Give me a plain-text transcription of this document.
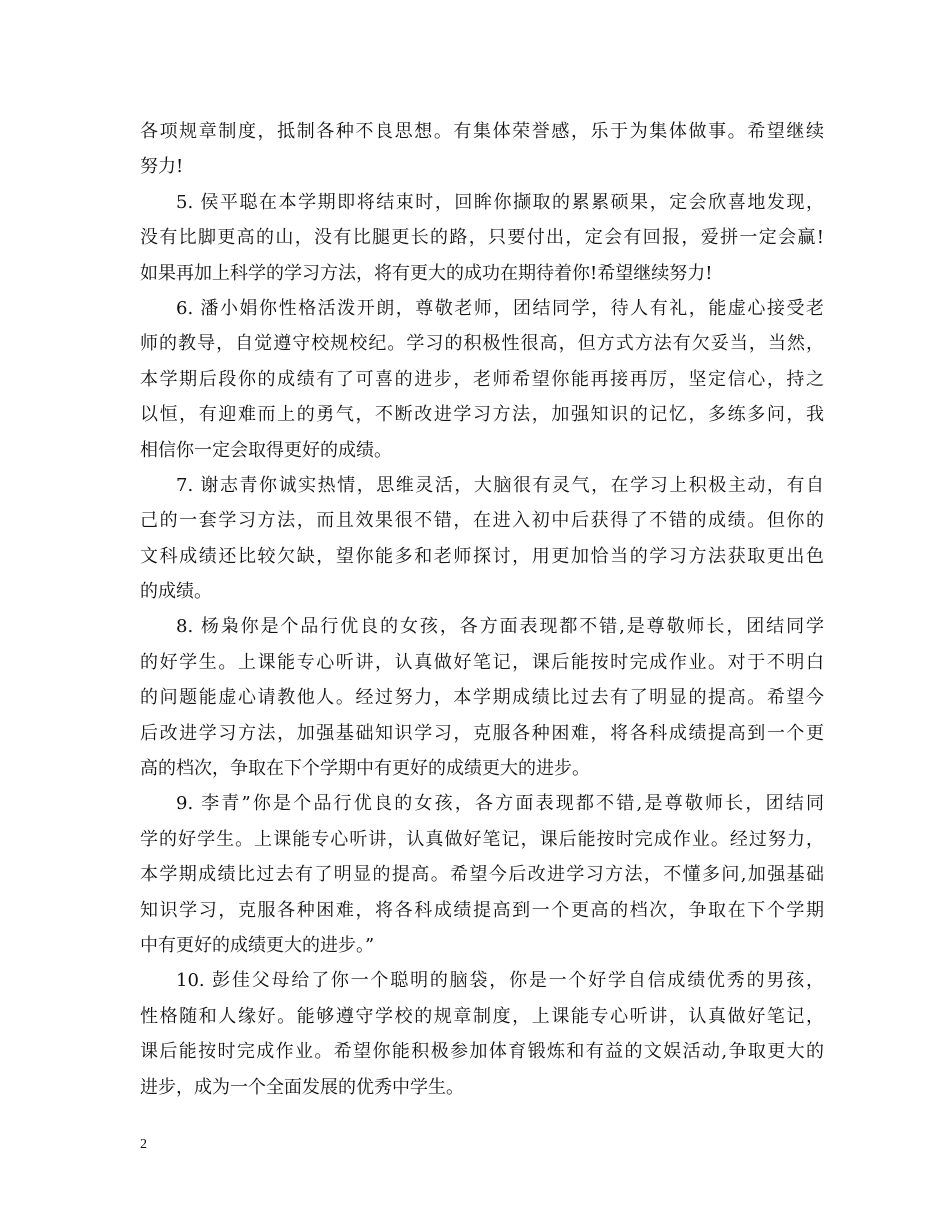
各项规章制度，抵制各种不良思想。有集体荣誉感，乐于为集体做事。希望继续
努力!
5. 侯平聪在本学期即将结束时，回眸你撷取的累累硕果，定会欣喜地发现，
没有比脚更高的山，没有比腿更长的路，只要付出，定会有回报，爱拼一定会赢!
如果再加上科学的学习方法，将有更大的成功在期待着你!希望继续努力!
6. 潘小娟你性格活泼开朗，尊敬老师，团结同学，待人有礼，能虚心接受老
师的教导，自觉遵守校规校纪。学习的积极性很高，但方式方法有欠妥当，当然，
本学期后段你的成绩有了可喜的进步，老师希望你能再接再厉，坚定信心，持之
以恒，有迎难而上的勇气，不断改进学习方法，加强知识的记忆，多练多问，我
相信你一定会取得更好的成绩。
7. 谢志青你诚实热情，思维灵活，大脑很有灵气，在学习上积极主动，有自
己的一套学习方法，而且效果很不错，在进入初中后获得了不错的成绩。但你的
文科成绩还比较欠缺，望你能多和老师探讨，用更加恰当的学习方法获取更出色
的成绩。
8. 杨枭你是个品行优良的女孩，各方面表现都不错,是尊敬师长，团结同学
的好学生。上课能专心听讲，认真做好笔记，课后能按时完成作业。对于不明白
的问题能虚心请教他人。经过努力，本学期成绩比过去有了明显的提高。希望今
后改进学习方法，加强基础知识学习，克服各种困难，将各科成绩提高到一个更
高的档次，争取在下个学期中有更好的成绩更大的进步。
9. 李青”你是个品行优良的女孩，各方面表现都不错,是尊敬师长，团结同
学的好学生。上课能专心听讲，认真做好笔记，课后能按时完成作业。经过努力，
本学期成绩比过去有了明显的提高。希望今后改进学习方法，不懂多问,加强基础
知识学习，克服各种困难，将各科成绩提高到一个更高的档次，争取在下个学期
中有更好的成绩更大的进步。”
10. 彭佳父母给了你一个聪明的脑袋，你是一个好学自信成绩优秀的男孩，
性格随和人缘好。能够遵守学校的规章制度，上课能专心听讲，认真做好笔记，
课后能按时完成作业。希望你能积极参加体育锻炼和有益的文娱活动,争取更大的
进步，成为一个全面发展的优秀中学生。
2
